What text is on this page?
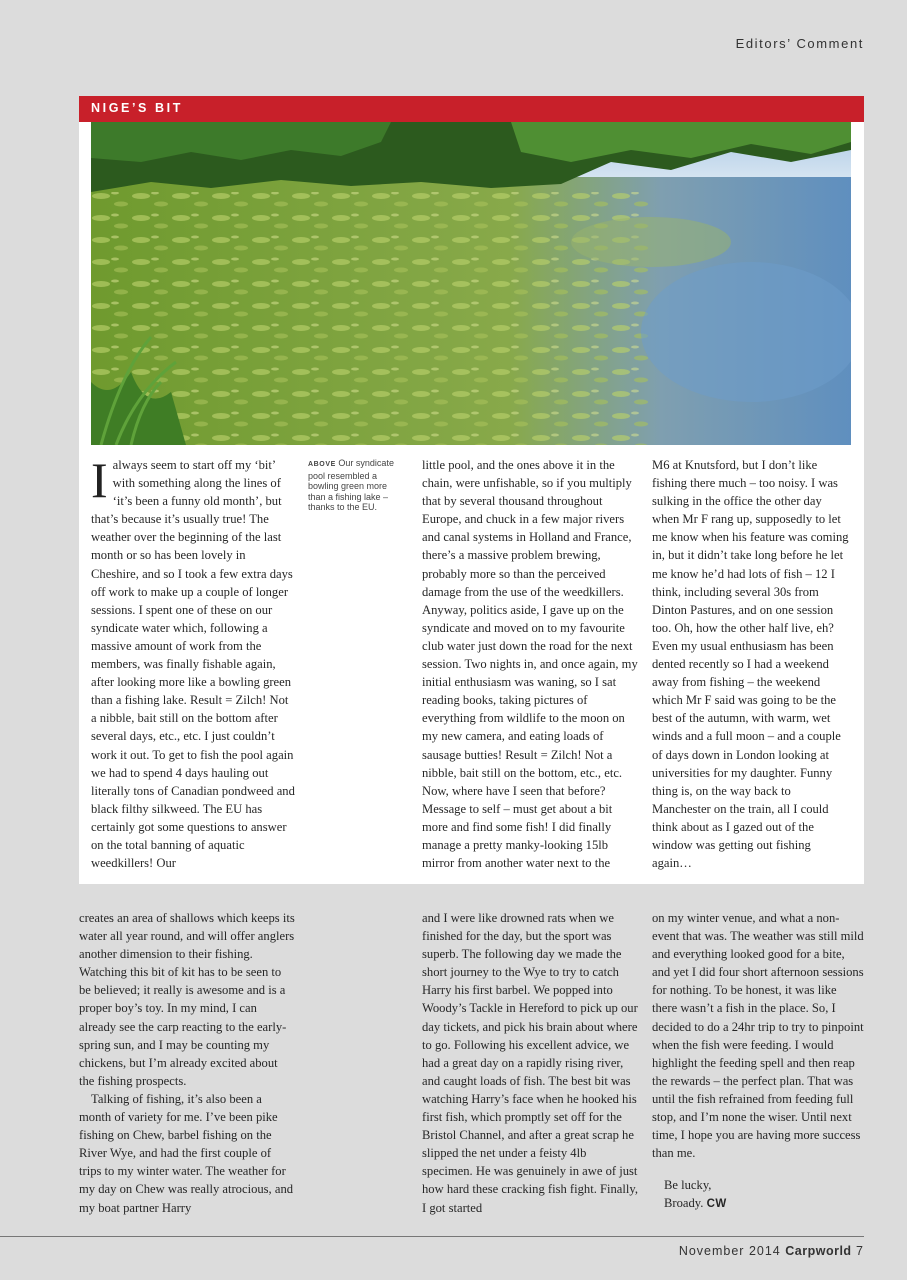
Editors’ Comment
NIGE’S BIT

Ialways seem to start off my ‘bit’ with something along the lines of ‘it’s been a funny old month’, but that’s because it’s usually true! The weather over the beginning of the last month or so has been lovely in Cheshire, and so I took a few extra days off work to make up a couple of longer sessions. I spent one of these on our syndicate water which, following a massive amount of work from the members, was finally fishable again, after looking more like a bowling green than a fishing lake. Result = Zilch! Not a nibble, bait still on the bottom after several days, etc., etc. I just couldn’t work it out. To get to fish the pool again we had to spend 4 days hauling out literally tons of Canadian pondweed and black filthy silkweed. The EU has certainly got some questions to answer on the total banning of aquatic weedkillers! Our

ABOVE Our syndicate pool resembled a bowling green more than a fishing lake – thanks to the EU.

little pool, and the ones above it in the chain, were unfishable, so if you multiply that by several thousand throughout Europe, and chuck in a few major rivers and canal systems in Holland and France, there’s a massive problem brewing, probably more so than the perceived damage from the use of the weedkillers. Anyway, politics aside, I gave up on the syndicate and moved on to my favourite club water just down the road for the next session. Two nights in, and once again, my initial enthusiasm was waning, so I sat reading books, taking pictures of everything from wildlife to the moon on my new camera, and eating loads of sausage butties! Result = Zilch! Not a nibble, bait still on the bottom, etc., etc. Now, where have I seen that before? Message to self – must get about a bit more and find some fish! I did finally manage a pretty manky-looking 15lb mirror from another water next to the

M6 at Knutsford, but I don’t like fishing there much – too noisy. I was sulking in the office the other day when Mr F rang up, supposedly to let me know when his feature was coming in, but it didn’t take long before he let me know he’d had lots of fish – 12 I think, including several 30s from Dinton Pastures, and on one session too. Oh, how the other half live, eh? Even my usual enthusiasm has been dented recently so I had a weekend away from fishing – the weekend which Mr F said was going to be the best of the autumn, with warm, wet winds and a full moon – and a couple of days down in London looking at universities for my daughter. Funny thing is, on the way back to Manchester on the train, all I could think about as I gazed out of the window was getting out fishing again…

creates an area of shallows which keeps its water all year round, and will offer anglers another dimension to their fishing. Watching this bit of kit has to be seen to be believed; it really is awesome and is a proper boy’s toy. In my mind, I can already see the carp reacting to the early-spring sun, and I may be counting my chickens, but I’m already excited about the fishing prospects.

Talking of fishing, it’s also been a month of variety for me. I’ve been pike fishing on Chew, barbel fishing on the River Wye, and had the first couple of trips to my winter water. The weather for my day on Chew was really atrocious, and my boat partner Harry

and I were like drowned rats when we finished for the day, but the sport was superb. The following day we made the short journey to the Wye to try to catch Harry his first barbel. We popped into Woody’s Tackle in Hereford to pick up our day tickets, and pick his brain about where to go. Following his excellent advice, we had a great day on a rapidly rising river, and caught loads of fish. The best bit was watching Harry’s face when he hooked his first fish, which promptly set off for the Bristol Channel, and after a great scrap he slipped the net under a feisty 4lb specimen. He was genuinely in awe of just how hard these cracking fish fight. Finally, I got started

on my winter venue, and what a non-event that was. The weather was still mild and everything looked good for a bite, and yet I did four short afternoon sessions for nothing. To be honest, it was like there wasn’t a fish in the place. So, I decided to do a 24hr trip to try to pinpoint when the fish were feeding. I would highlight the feeding spell and then reap the rewards – the perfect plan. That was until the fish refrained from feeding full stop, and I’m none the wiser. Until next time, I hope you are having more success than me.

Be lucky,
Broady. CW
November 2014 Carpworld 7
